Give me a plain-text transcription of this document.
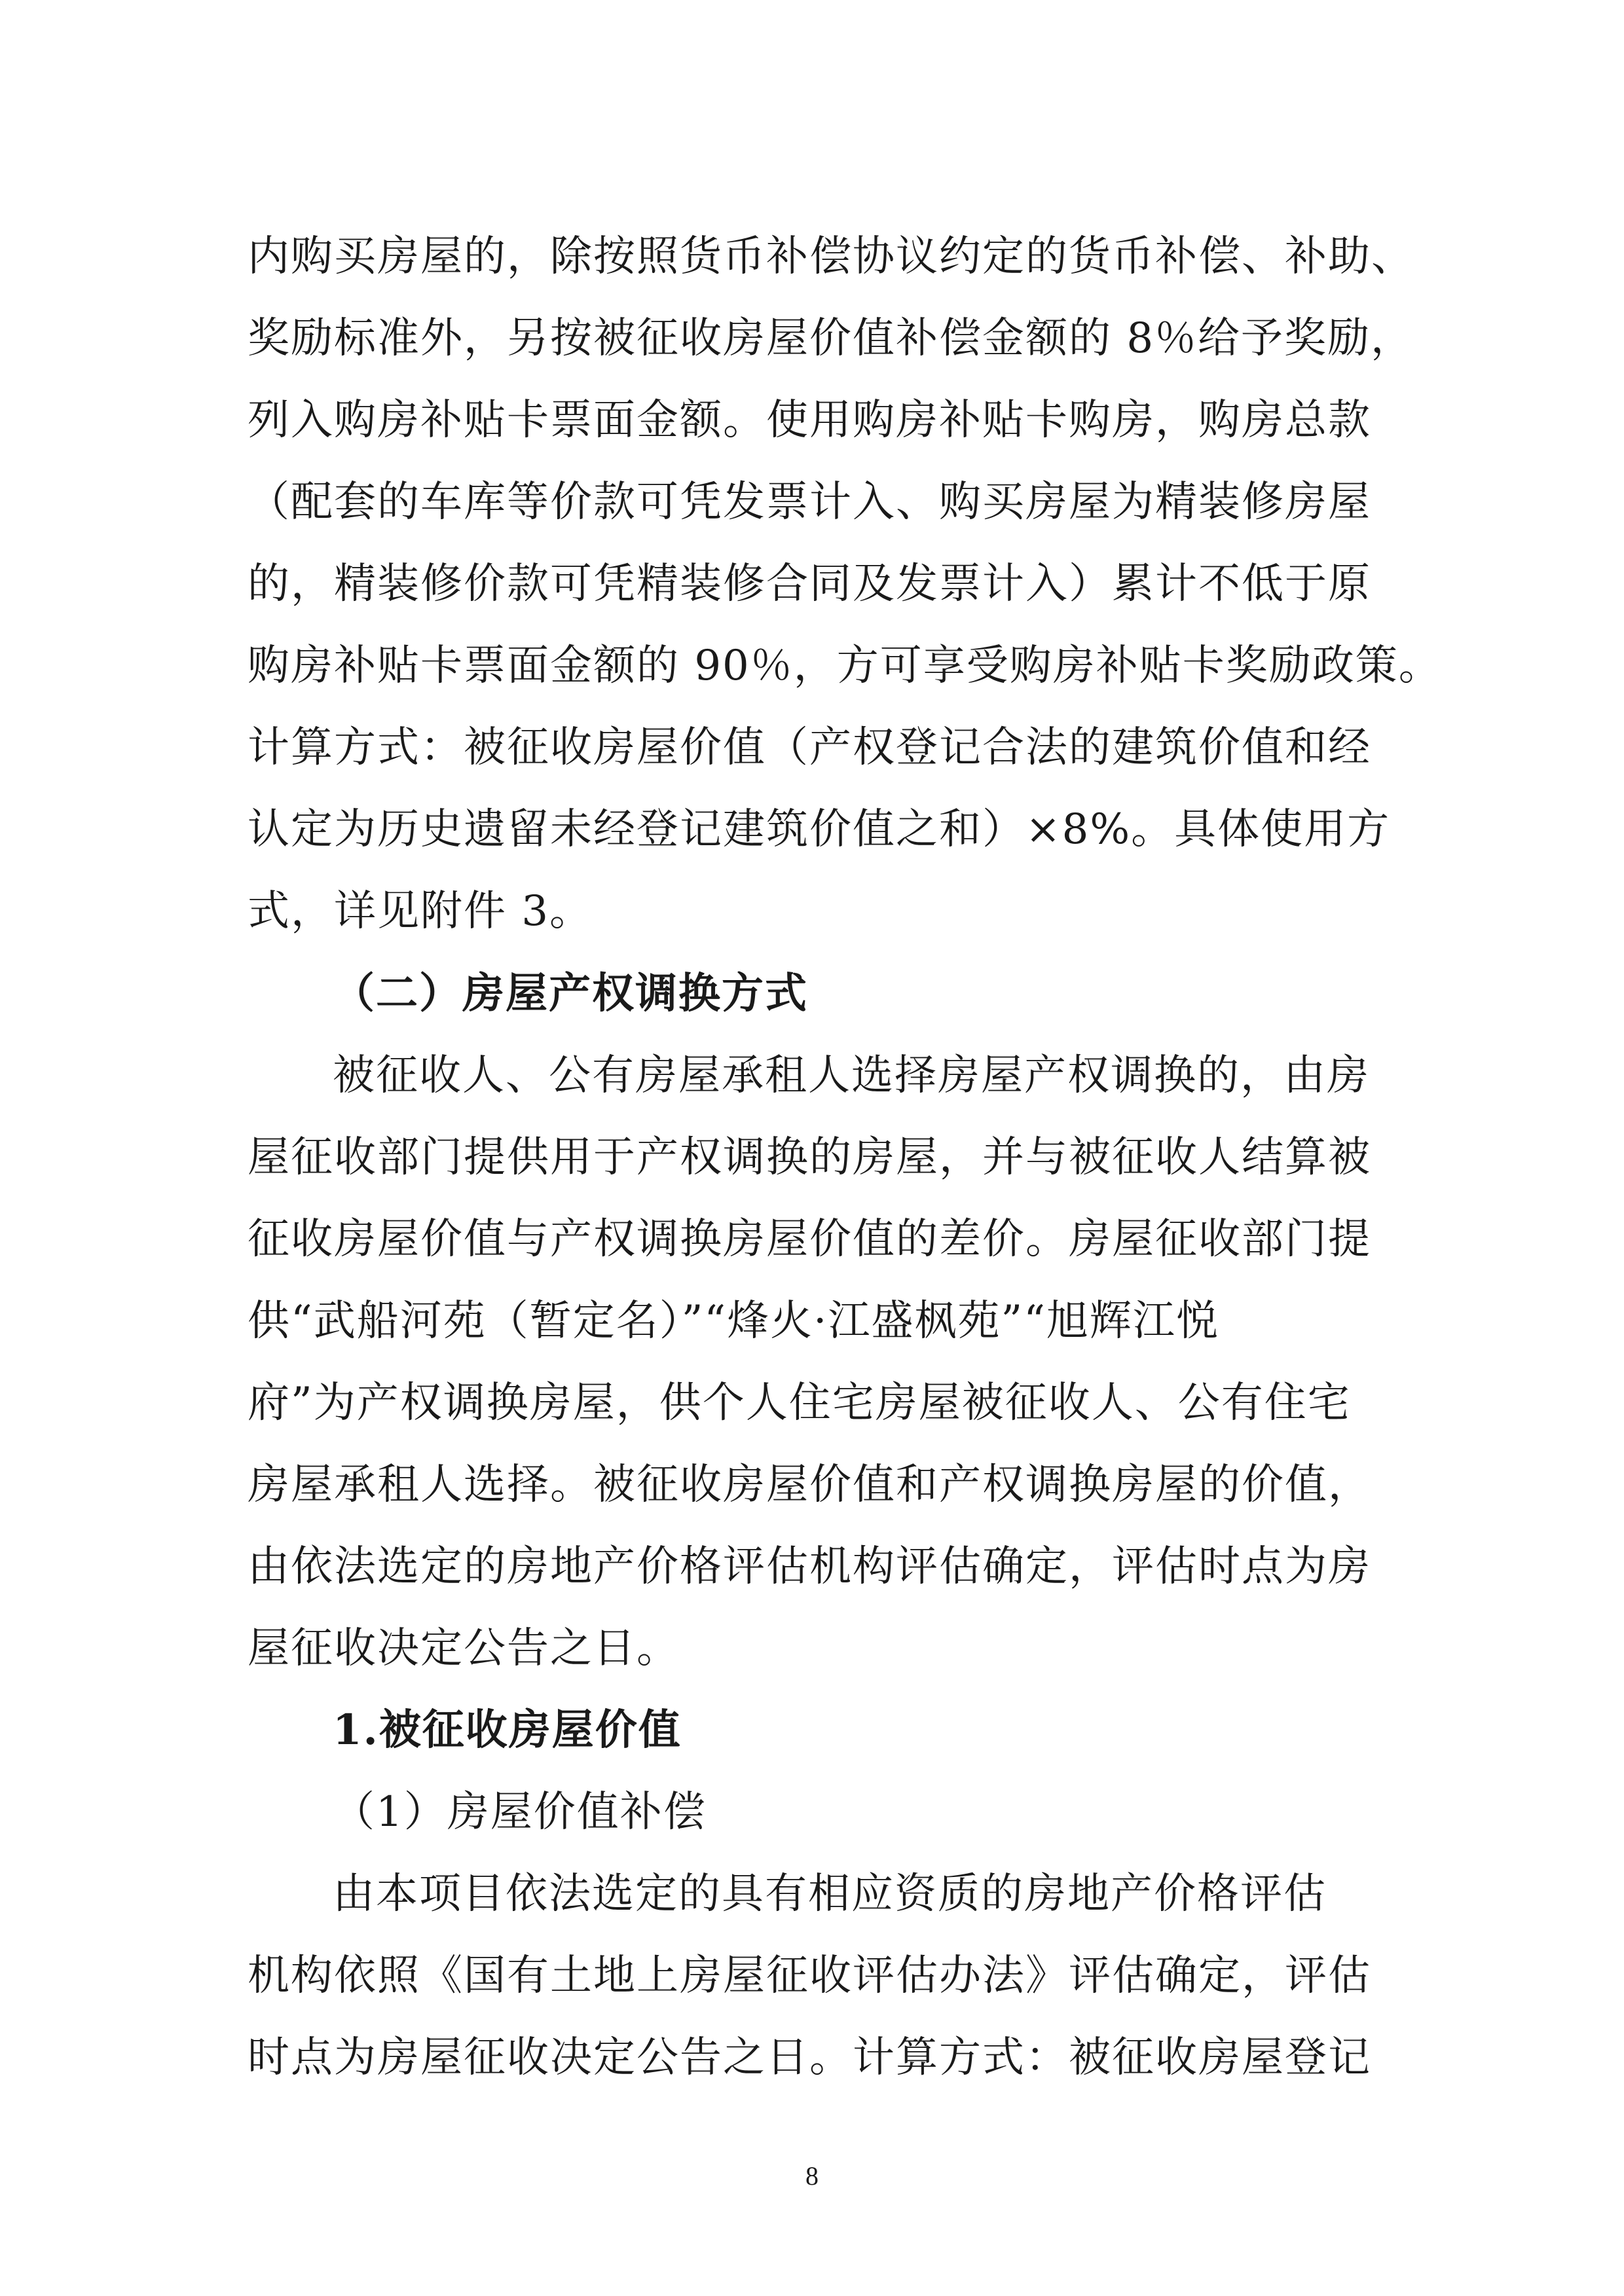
内购买房屋的，除按照货币补偿协议约定的货币补偿、补助、
奖励标准外，另按被征收房屋价值补偿金额的 8％给予奖励，
列入购房补贴卡票面金额。使用购房补贴卡购房，购房总款
（配套的车库等价款可凭发票计入、购买房屋为精装修房屋
的，精装修价款可凭精装修合同及发票计入）累计不低于原
购房补贴卡票面金额的 90％，方可享受购房补贴卡奖励政策。
计算方式：被征收房屋价值（产权登记合法的建筑价值和经
认定为历史遗留未经登记建筑价值之和）×8%。具体使用方
式，详见附件 3。
（二）房屋产权调换方式
被征收人、公有房屋承租人选择房屋产权调换的，由房
屋征收部门提供用于产权调换的房屋，并与被征收人结算被
征收房屋价值与产权调换房屋价值的差价。房屋征收部门提
供“武船河苑（暂定名）”“烽火·江盛枫苑”“旭辉江悦
府”为产权调换房屋，供个人住宅房屋被征收人、公有住宅
房屋承租人选择。被征收房屋价值和产权调换房屋的价值，
由依法选定的房地产价格评估机构评估确定，评估时点为房
屋征收决定公告之日。
1.被征收房屋价值
（1）房屋价值补偿
由本项目依法选定的具有相应资质的房地产价格评估
机构依照《国有土地上房屋征收评估办法》评估确定，评估
时点为房屋征收决定公告之日。计算方式：被征收房屋登记
8
